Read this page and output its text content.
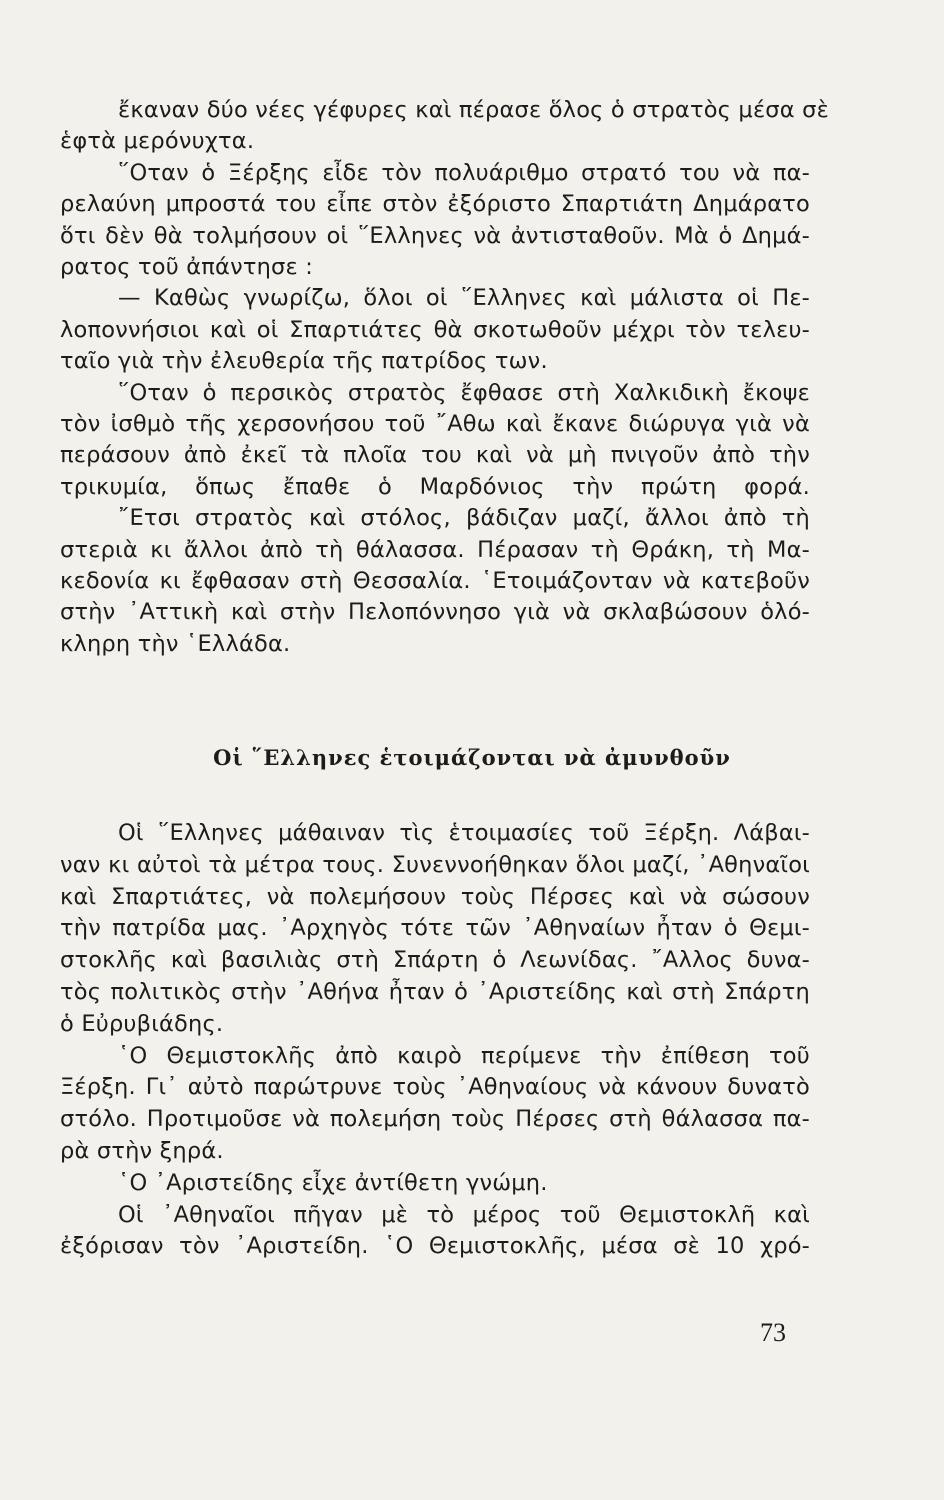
ἔκαναν δύο νέες γέφυρες καὶ πέρασε ὅλος ὁ στρατὸς μέσα σὲ
ἑφτὰ μερόνυχτα.
῞Οταν ὁ Ξέρξης εἶδε τὸν πολυάριθμο στρατό του νὰ πα-
ρελαύνη μπροστά του εἶπε στὸν ἐξόριστο Σπαρτιάτη Δημάρατο
ὅτι δὲν θὰ τολμήσουν οἱ ῞Ελληνες νὰ ἀντισταθοῦν. Μὰ ὁ Δημά-
ρατος τοῦ ἀπάντησε :
— Καθὼς γνωρίζω, ὅλοι οἱ ῞Ελληνες καὶ μάλιστα οἱ Πε-
λοποννήσιοι καὶ οἱ Σπαρτιάτες θὰ σκοτωθοῦν μέχρι τὸν τελευ-
ταῖο γιὰ τὴν ἐλευθερία τῆς πατρίδος των.
῞Οταν ὁ περσικὸς στρατὸς ἔφθασε στὴ Χαλκιδικὴ ἔκοψε
τὸν ἰσθμὸ τῆς χερσονήσου τοῦ ῎Αθω καὶ ἔκανε διώρυγα γιὰ νὰ
περάσουν ἀπὸ ἐκεῖ τὰ πλοῖα του καὶ νὰ μὴ πνιγοῦν ἀπὸ τὴν
τρικυμία, ὅπως ἔπαθε ὁ Μαρδόνιος τὴν πρώτη φορά.
῎Ετσι στρατὸς καὶ στόλος, βάδιζαν μαζί, ἄλλοι ἀπὸ τὴ
στεριὰ κι ἄλλοι ἀπὸ τὴ θάλασσα. Πέρασαν τὴ Θράκη, τὴ Μα-
κεδονία κι ἔφθασαν στὴ Θεσσαλία. ῾Ετοιμάζονταν νὰ κατεβοῦν
στὴν ᾿Αττικὴ καὶ στὴν Πελοπόννησο γιὰ νὰ σκλαβώσουν ὁλό-
κληρη τὴν ῾Ελλάδα.
Οἱ ῞Ελληνες ἑτοιμάζονται νὰ ἀμυνθοῦν
Οἱ ῞Ελληνες μάθαιναν τὶς ἑτοιμασίες τοῦ Ξέρξη. Λάβαι-
ναν κι αὐτοὶ τὰ μέτρα τους. Συνεννοήθηκαν ὅλοι μαζί, ᾿Αθηναῖοι
καὶ Σπαρτιάτες, νὰ πολεμήσουν τοὺς Πέρσες καὶ νὰ σώσουν
τὴν πατρίδα μας. ᾿Αρχηγὸς τότε τῶν ᾿Αθηναίων ἦταν ὁ Θεμι-
στοκλῆς καὶ βασιλιὰς στὴ Σπάρτη ὁ Λεωνίδας. ῎Αλλος δυνα-
τὸς πολιτικὸς στὴν ᾿Αθήνα ἦταν ὁ ᾿Αριστείδης καὶ στὴ Σπάρτη
ὁ Εὐρυβιάδης.
῾Ο Θεμιστοκλῆς ἀπὸ καιρὸ περίμενε τὴν ἐπίθεση τοῦ
Ξέρξη. Γι᾿ αὐτὸ παρώτρυνε τοὺς ᾿Αθηναίους νὰ κάνουν δυνατὸ
στόλο. Προτιμοῦσε νὰ πολεμήση τοὺς Πέρσες στὴ θάλασσα πα-
ρὰ στὴν ξηρά.
῾Ο ᾿Αριστείδης εἶχε ἀντίθετη γνώμη.
Οἱ ᾿Αθηναῖοι πῆγαν μὲ τὸ μέρος τοῦ Θεμιστοκλῆ καὶ
ἐξόρισαν τὸν ᾿Αριστείδη. ῾Ο Θεμιστοκλῆς, μέσα σὲ 10 χρό-
73
